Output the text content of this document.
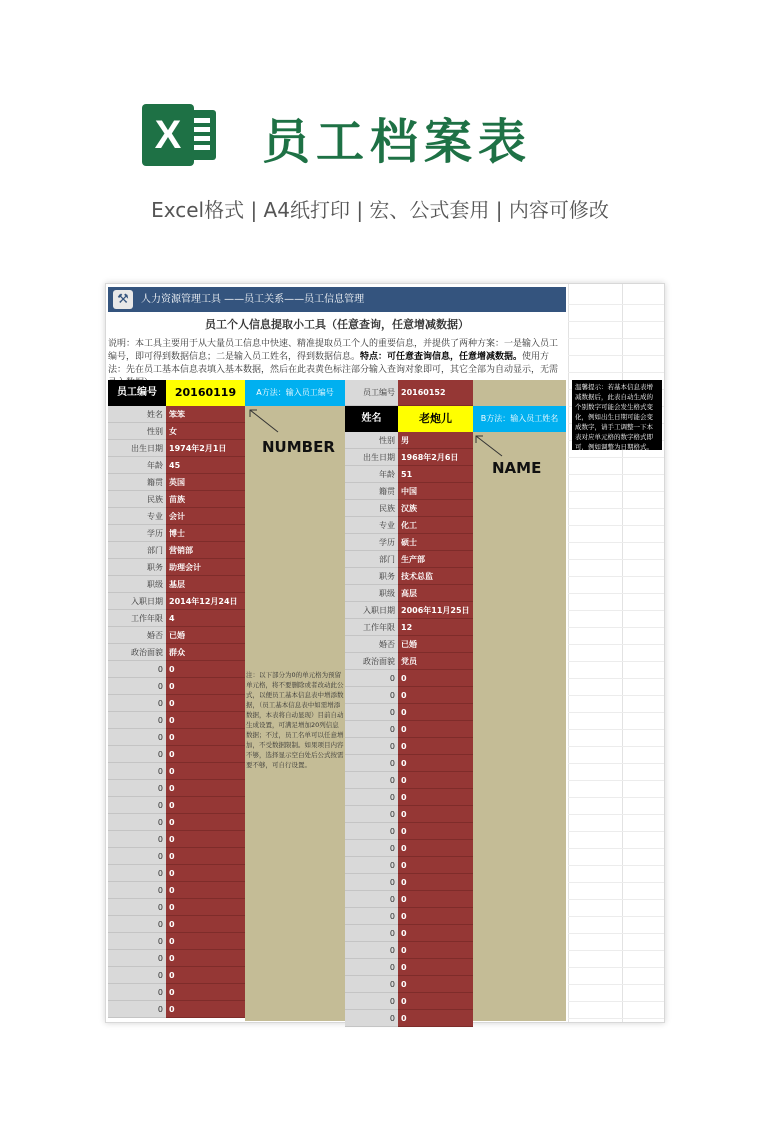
X 员工档案表
Excel格式 | A4纸打印 | 宏、公式套用 | 内容可修改
⚒	人力资源管理工具 ——员工关系——员工信息管理
员工个人信息提取小工具（任意查询，任意增减数据）
说明：本工具主要用于从大量员工信息中快速、精准提取员工个人的重要信息，并提供了两种方案：一是输入员工编号，即可得到数据信息；二是输入员工姓名，得到数据信息。特点：可任意查询信息，任意增减数据。使用方法：先在员工基本信息表填入基本数据，然后在此表黄色标注部分输入查询对象即可，其它全部为自动显示，无需
员工编号	20160119	A方法：输入员工编号	员工编号 20160152
姓名	老炮儿	B方法：输入员工姓名
姓名 笨笨
性别 女
出生日期 1974年2月1日
年龄 45
籍贯 英国
民族 苗族
专业 会计
学历 博士
部门 营销部
职务 助理会计
职级 基层
入职日期 2014年12月24日
工作年限 4
婚否 已婚
政治面貌 群众
0 0
0 0
0 0
0 0
0 0
0 0
0 0
0 0
0 0
0 0
0 0
0 0
0 0
0 0
0 0
0 0
0 0
0 0
0 0
0 0
0 0
性别 男
出生日期 1968年2月6日
年龄 51
籍贯 中国
民族 汉族
专业 化工
学历 硕士
部门 生产部
职务 技术总监
职级 高层
入职日期 2006年11月25日
工作年限 12
婚否 已婚
政治面貌 党员
0 0
0 0
0 0
0 0
0 0
0 0
0 0
0 0
0 0
0 0
0 0
0 0
0 0
0 0
0 0
0 0
0 0
0 0
0 0
0 0
0 0
注：以下部分为0的单元格为预留单元格，将不要删除或者改动此公式，以便员工基本信息表中增添数据，（员工基本信息表中如需增添数据，本表将自动显现）目前自动生成设置，可满足增加20列信息数据；不过，员工名单可以任意增加，不受数据限制。如果项目内容不够，选择显示空白处后公式按需要不够，可自行设置。
NUMBER
NAME
温馨提示：若基本信息表增减数据后，此表自动生成的个别数字可能会发生格式变化，例如出生日期可能会变成数字，请手工调整一下本表对应单元格的数字格式即可，例如调整为日期格式。
